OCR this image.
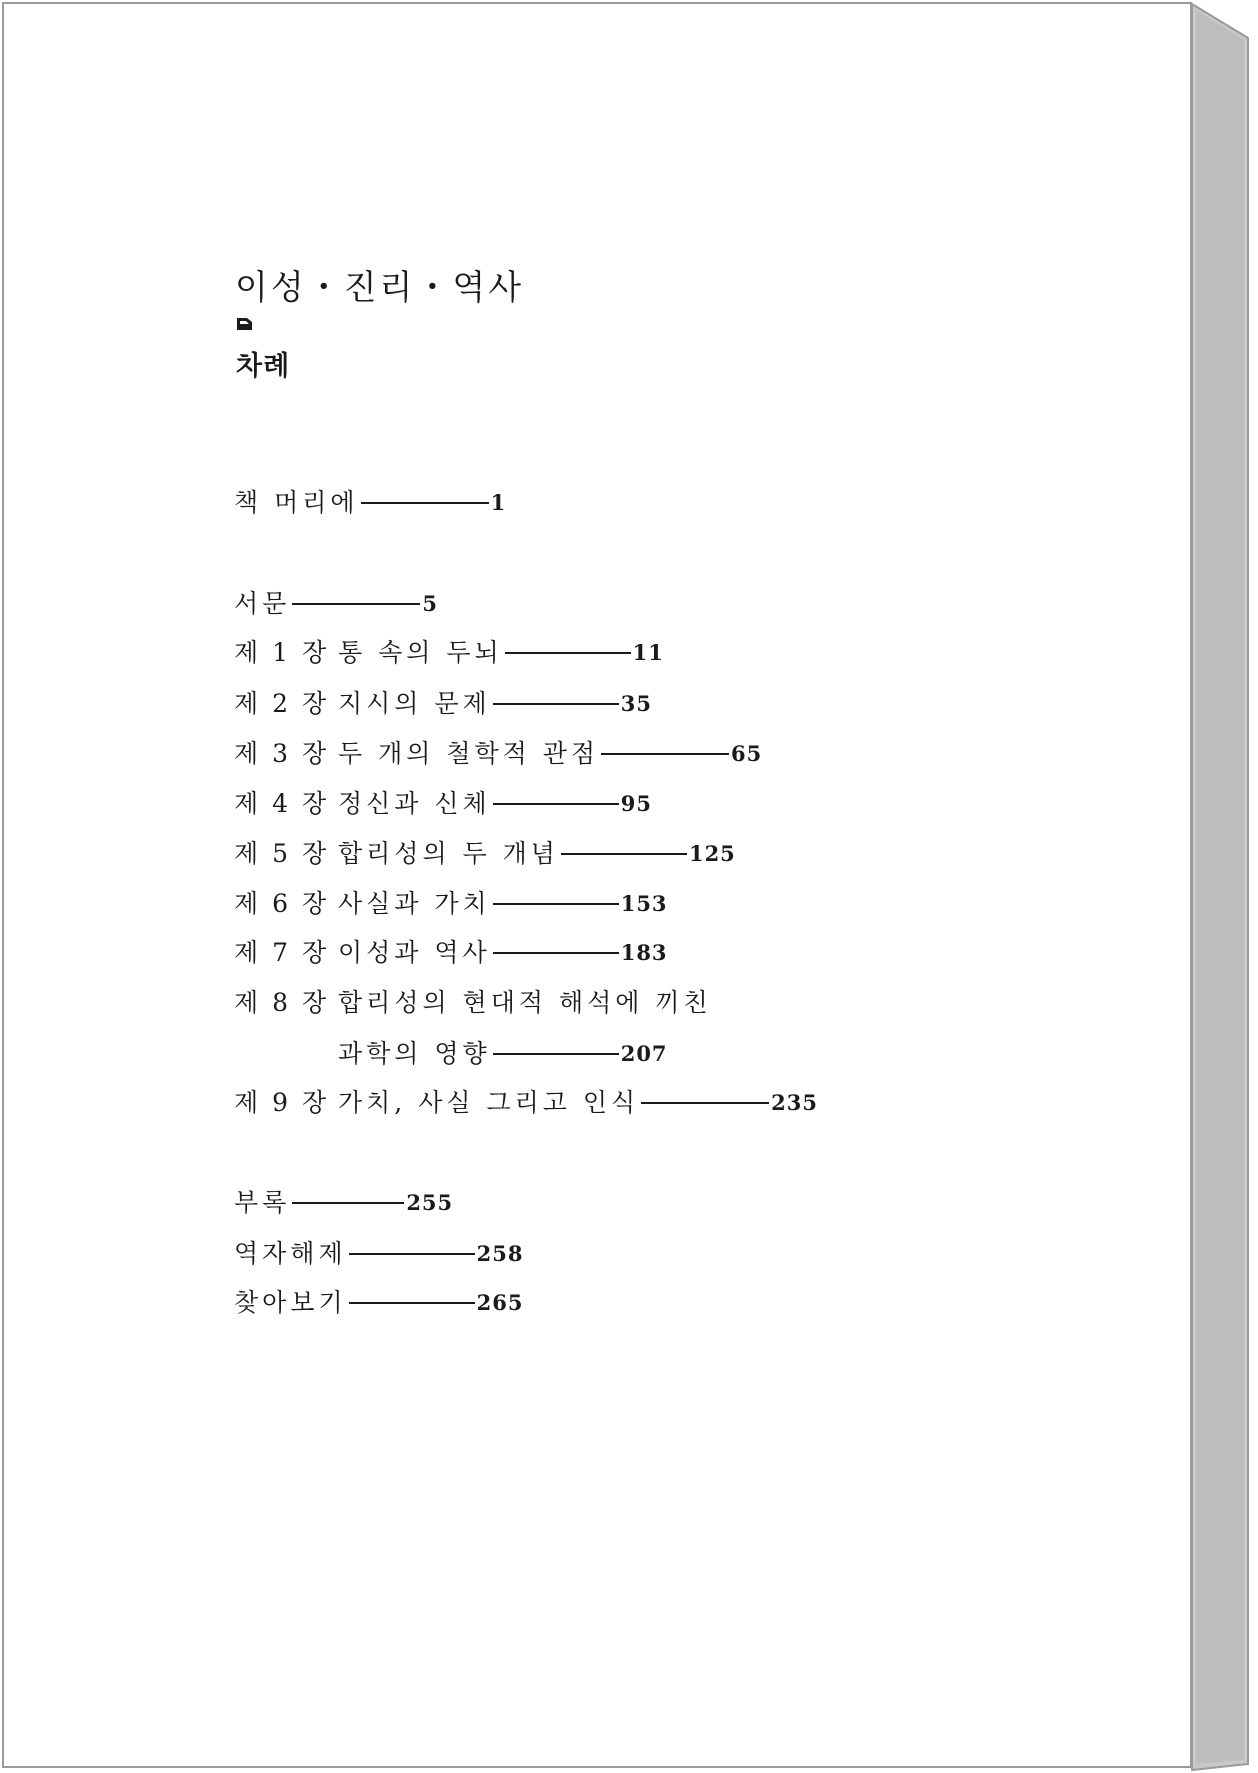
이성・진리・역사
차례
책 머리에	1
서문	5
제 1 장 통 속의 두뇌	11
제 2 장 지시의 문제	35
제 3 장 두 개의 철학적 관점	65
제 4 장 정신과 신체	95
제 5 장 합리성의 두 개념	125
제 6 장 사실과 가치	153
제 7 장 이성과 역사	183
제 8 장 합리성의 현대적 해석에 끼친
과학의 영향	207
제 9 장 가치, 사실 그리고 인식	235
부록	255
역자해제	258
찾아보기	265
